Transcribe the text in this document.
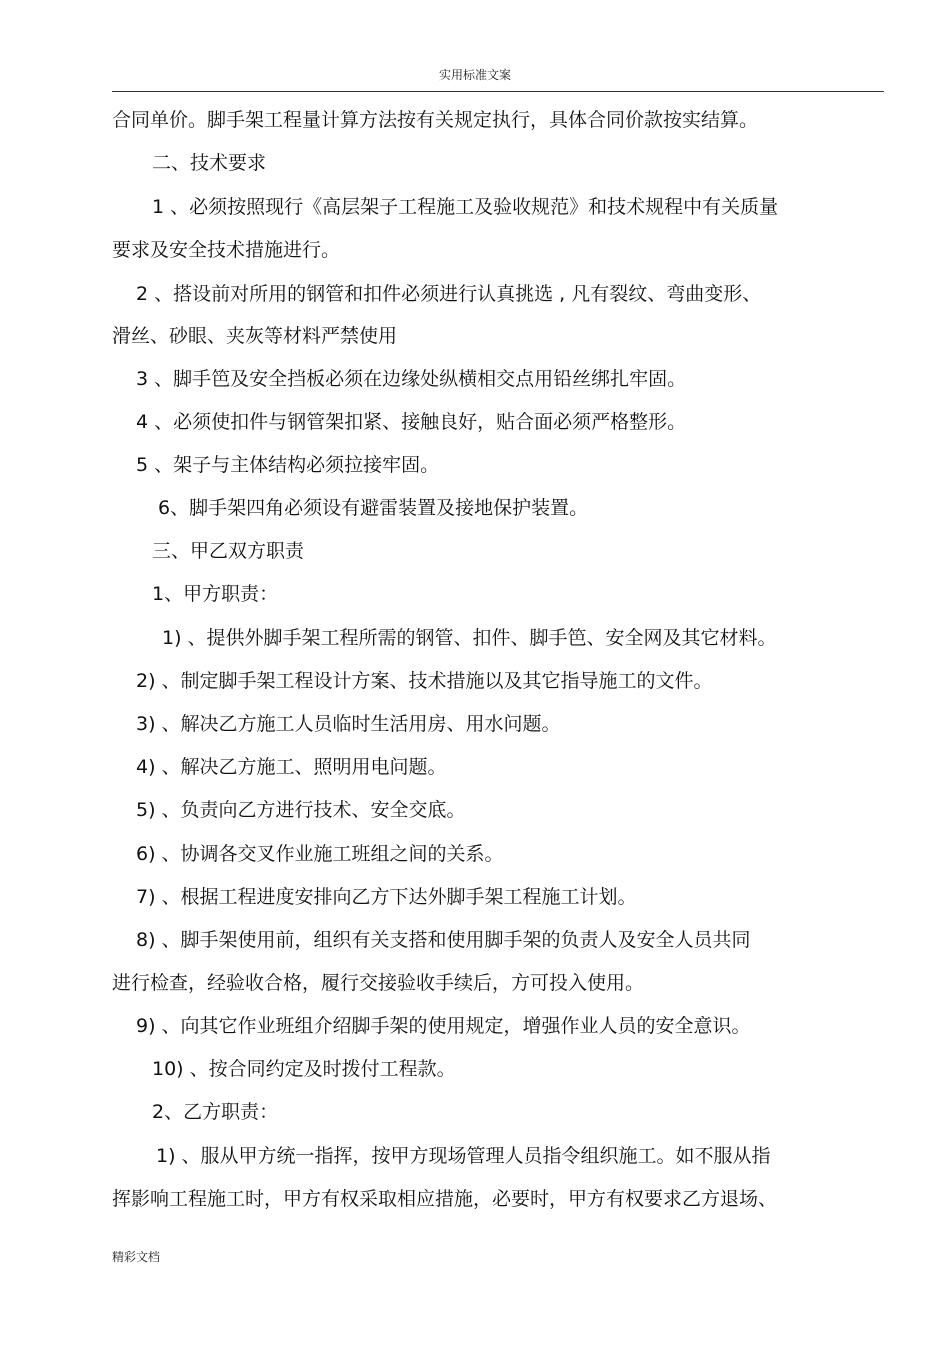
实用标准文案
合同单价。脚手架工程量计算方法按有关规定执行，具体合同价款按实结算。
二、技术要求
1 、必须按照现行《高层架子工程施工及验收规范》和技术规程中有关质量
要求及安全技术措施进行。
2 、搭设前对所用的钢管和扣件必须进行认真挑选 , 凡有裂纹、弯曲变形、
滑丝、砂眼、夹灰等材料严禁使用
3 、脚手笆及安全挡板必须在边缘处纵横相交点用铅丝绑扎牢固。
4 、必须使扣件与钢管架扣紧、接触良好，贴合面必须严格整形。
5 、架子与主体结构必须拉接牢固。
6、脚手架四角必须设有避雷装置及接地保护装置。
三、甲乙双方职责
1、甲方职责：
1) 、提供外脚手架工程所需的钢管、扣件、脚手笆、安全网及其它材料。
2) 、制定脚手架工程设计方案、技术措施以及其它指导施工的文件。
3) 、解决乙方施工人员临时生活用房、用水问题。
4) 、解决乙方施工、照明用电问题。
5) 、负责向乙方进行技术、安全交底。
6) 、协调各交叉作业施工班组之间的关系。
7) 、根据工程进度安排向乙方下达外脚手架工程施工计划。
8) 、脚手架使用前，组织有关支搭和使用脚手架的负责人及安全人员共同
进行检查，经验收合格，履行交接验收手续后，方可投入使用。
9) 、向其它作业班组介绍脚手架的使用规定，增强作业人员的安全意识。
10) 、按合同约定及时拨付工程款。
2、乙方职责：
1) 、服从甲方统一指挥，按甲方现场管理人员指令组织施工。如不服从指
挥影响工程施工时，甲方有权采取相应措施，必要时，甲方有权要求乙方退场、
精彩文档
